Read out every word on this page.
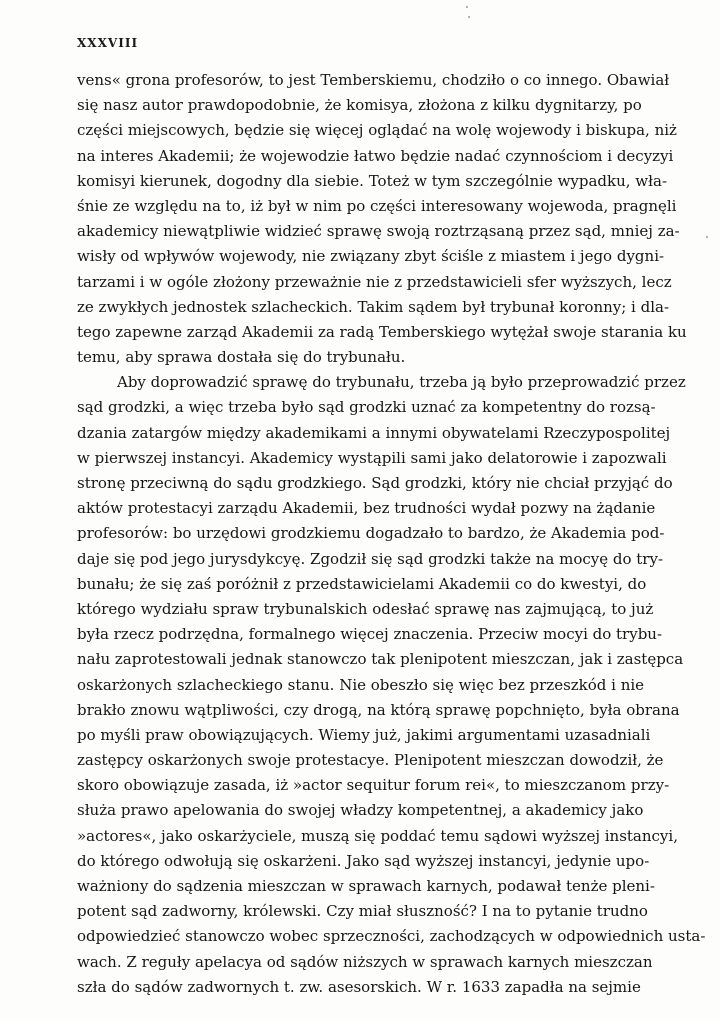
XXXVIII
vens« grona profesorów, to jest Temberskiemu, chodziło o co innego. Obawiał
się nasz autor prawdopodobnie, że komisya, złożona z kilku dygnitarzy, po
części miejscowych, będzie się więcej oglądać na wolę wojewody i biskupa, niż
na interes Akademii; że wojewodzie łatwo będzie nadać czynnościom i decyzyi
komisyi kierunek, dogodny dla siebie. Toteż w tym szczególnie wypadku, wła-
śnie ze względu na to, iż był w nim po części interesowany wojewoda, pragnęli
akademicy niewątpliwie widzieć sprawę swoją roztrząsaną przez sąd, mniej za-
wisły od wpływów wojewody, nie związany zbyt ściśle z miastem i jego dygni-
tarzami i w ogóle złożony przeważnie nie z przedstawicieli sfer wyższych, lecz
ze zwykłych jednostek szlacheckich. Takim sądem był trybunał koronny; i dla-
tego zapewne zarząd Akademii za radą Temberskiego wytężał swoje starania ku
temu, aby sprawa dostała się do trybunału.
Aby doprowadzić sprawę do trybunału, trzeba ją było przeprowadzić przez
sąd grodzki, a więc trzeba było sąd grodzki uznać za kompetentny do rozsą-
dzania zatargów między akademikami a innymi obywatelami Rzeczypospolitej
w pierwszej instancyi. Akademicy wystąpili sami jako delatorowie i zapozwali
stronę przeciwną do sądu grodzkiego. Sąd grodzki, który nie chciał przyjąć do
aktów protestacyi zarządu Akademii, bez trudności wydał pozwy na żądanie
profesorów: bo urzędowi grodzkiemu dogadzało to bardzo, że Akademia pod-
daje się pod jego jurysdykcyę. Zgodził się sąd grodzki także na mocyę do try-
bunału; że się zaś poróżnił z przedstawicielami Akademii co do kwestyi, do
którego wydziału spraw trybunalskich odesłać sprawę nas zajmującą, to już
była rzecz podrzędna, formalnego więcej znaczenia. Przeciw mocyi do trybu-
nału zaprotestowali jednak stanowczo tak plenipotent mieszczan, jak i zastępca
oskarżonych szlacheckiego stanu. Nie obeszło się więc bez przeszkód i nie
brakło znowu wątpliwości, czy drogą, na którą sprawę popchnięto, była obrana
po myśli praw obowiązujących. Wiemy już, jakimi argumentami uzasadniali
zastępcy oskarżonych swoje protestacye. Plenipotent mieszczan dowodził, że
skoro obowiązuje zasada, iż »actor sequitur forum rei«, to mieszczanom przy-
służa prawo apelowania do swojej władzy kompetentnej, a akademicy jako
»actores«, jako oskarżyciele, muszą się poddać temu sądowi wyższej instancyi,
do którego odwołują się oskarżeni. Jako sąd wyższej instancyi, jedynie upo-
ważniony do sądzenia mieszczan w sprawach karnych, podawał tenże pleni-
potent sąd zadworny, królewski. Czy miał słuszność? I na to pytanie trudno
odpowiedzieć stanowczo wobec sprzeczności, zachodzących w odpowiednich usta-
wach. Z reguły apelacya od sądów niższych w sprawach karnych mieszczan
szła do sądów zadwornych t. zw. asesorskich. W r. 1633 zapadła na sejmie
